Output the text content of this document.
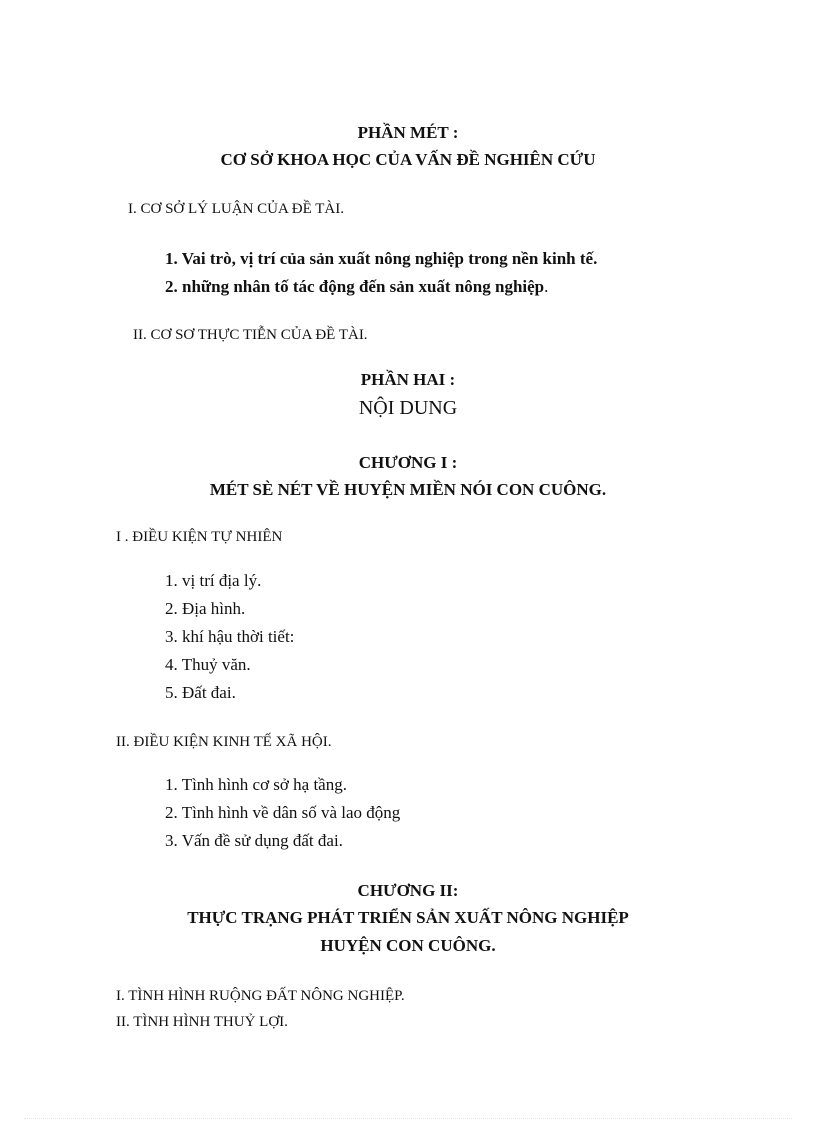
PHẦN MÉT :
CƠ SỞ KHOA HỌC CỦA VẤN ĐỀ NGHIÊN CỨU
I. CƠ SỞ LÝ LUẬN CỦA ĐỀ TÀI.
1. Vai trò, vị trí của sản xuất nông nghiệp trong nền kinh tế.
2. những nhân tố tác động đến sản xuất nông nghiệp.
II. CƠ SƠ THỰC TIỄN CỦA ĐỀ TÀI.
PHẦN HAI :
NỘI DUNG
CHƯƠNG I :
MÉT SÈ NÉT VỀ HUYỆN MIỀN NÓI CON CUÔNG.
I . ĐIỀU KIỆN TỰ NHIÊN
1. vị trí địa lý.
2. Địa hình.
3. khí hậu thời tiết:
4. Thuỷ văn.
5. Đất đai.
II. ĐIỀU KIỆN KINH TẾ XÃ HỘI.
1. Tình hình cơ sở hạ tầng.
2. Tình hình về dân số và lao động
3. Vấn đề sử dụng đất đai.
CHƯƠNG II:
THỰC TRẠNG PHÁT TRIỂN SẢN XUẤT NÔNG NGHIỆP
HUYỆN CON CUÔNG.
I. TÌNH HÌNH RUỘNG ĐẤT NÔNG NGHIỆP.
II. TÌNH HÌNH THUỶ LỢI.
